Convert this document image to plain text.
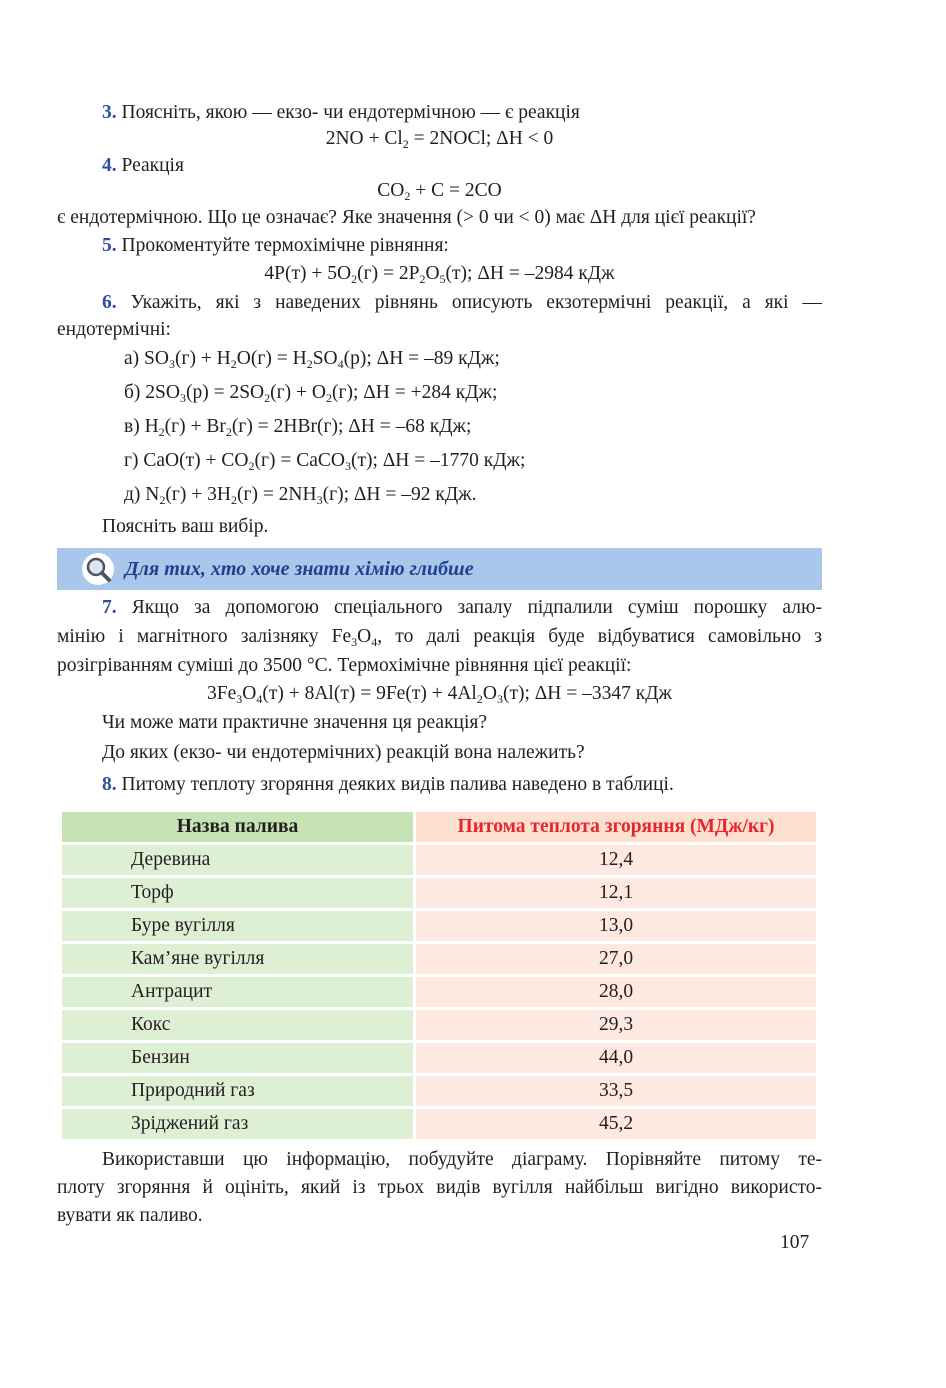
3. Поясніть, якою — екзо- чи ендотермічною — є реакція
$2NO + Cl_2$ = 2NOCl; ΔH < 0
4. Реакція
$CO_2 + C = 2CO$
є ендотермічною. Що це означає? Яке значення (> 0 чи < 0) має ΔH для цієї реакції?
5. Прокоментуйте термохімічне рівняння:
$4P(т) + 5O_2(г) = 2P_2O_5(т)$; ΔH = –2984 кДж
6. Укажіть, які з наведених рівнянь описують екзотермічні реакції, а які —
ендотермічні:
а) $SO_3(г) + H_2O(г) = H_2SO_4(р)$; ΔH = –89 кДж;
б) $2SO_3(р) = 2SO_2(г) + O_2(г)$; ΔH = +284 кДж;
в) $H_2(г) + Br_2(г) = 2HBr(г)$; ΔH = –68 кДж;
г) $CaO(т) + CO_2(г)$ = CaCO$_3$(т); ΔH = –1770 кДж;
д) $N_2(г) + 3H_2(г) = 2NH_3(г)$; ΔH = –92 кДж.
Поясніть ваш вибір.
Для тих, хто хоче знати хімію глибше
7. Якщо за допомогою спеціального запалу підпалили суміш порошку алю-
мінію і магнітного залізняку $Fe_3O_4$, то далі реакція буде відбуватися самовільно з
розігріванням суміші до 3500 °C. Термохімічне рівняння цієї реакції:
$3Fe_3O_4(т) + 8Al(т) = 9Fe(т) + 4Al_2O_3(т)$; ΔH = –3347 кДж
Чи може мати практичне значення ця реакція?
До яких (екзо- чи ендотермічних) реакцій вона належить?
8. Питому теплоту згоряння деяких видів палива наведено в таблиці.
Назва палива	Питома теплота згоряння (МДж/кг)
Деревина	12,4
Торф	12,1
Буре вугілля	13,0
Кам’яне вугілля	27,0
Антрацит	28,0
Кокс	29,3
Бензин	44,0
Природний газ	33,5
Зріджений газ	45,2
Використавши цю інформацію, побудуйте діаграму. Порівняйте питому те-
плоту згоряння й оцініть, який із трьох видів вугілля найбільш вигідно використо-
вувати як паливо.
107
